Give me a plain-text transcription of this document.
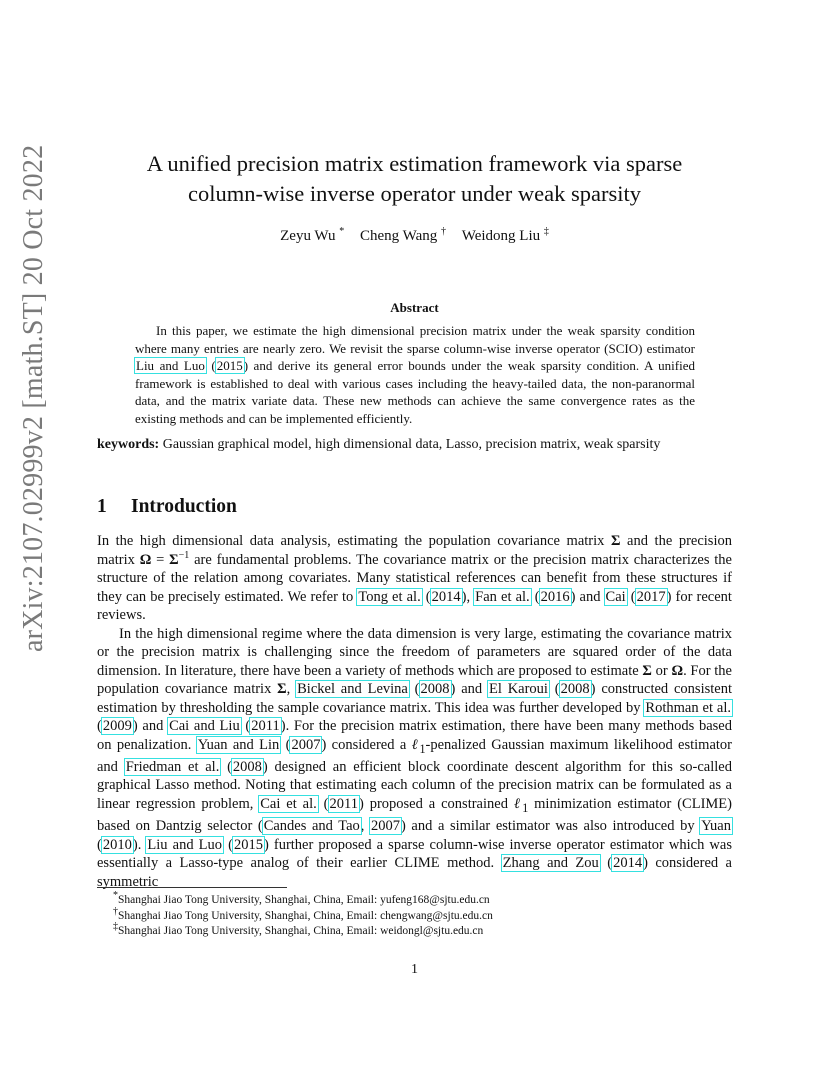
arXiv:2107.02999v2 [math.ST] 20 Oct 2022	A unified precision matrix estimation framework via sparse
column-wise inverse operator under weak sparsity
Zeyu Wu * Cheng Wang † Weidong Liu ‡
Abstract
In this paper, we estimate the high dimensional precision matrix under the weak sparsity condition where many entries are nearly zero. We revisit the sparse column-wise inverse operator (SCIO) estimator Liu and Luo (2015) and derive its general error bounds under the weak sparsity condition. A unified framework is established to deal with various cases including the heavy-tailed data, the non-paranormal data, and the matrix variate data. These new methods can achieve the same convergence rates as the existing methods and can be implemented efficiently.
keywords: Gaussian graphical model, high dimensional data, Lasso, precision matrix, weak sparsity
1 Introduction

In the high dimensional data analysis, estimating the population covariance matrix Σ and the precision matrix $\Omega = \Sigma^{-1}$ are fundamental problems. The covariance matrix or the precision matrix characterizes the structure of the relation among covariates. Many statistical references can benefit from these structures if they can be precisely estimated. We refer to Tong et al. (2014), Fan et al. (2016) and Cai (2017) for recent reviews.

In the high dimensional regime where the data dimension is very large, estimating the covariance matrix or the precision matrix is challenging since the freedom of parameters are squared order of the data dimension. In literature, there have been a variety of methods which are proposed to estimate Σ or Ω. For the population covariance matrix Σ, Bickel and Levina (2008) and El Karoui (2008) constructed consistent estimation by thresholding the sample covariance matrix. This idea was further developed by Rothman et al. (2009) and Cai and Liu (2011). For the precision matrix estimation, there have been many methods based on penalization. Yuan and Lin (2007) considered a ℓ$_1$-penalized Gaussian maximum likelihood estimator and Friedman et al. (2008) designed an efficient block coordinate descent algorithm for this so-called graphical Lasso method. Noting that estimating each column of the precision matrix can be formulated as a linear regression problem, Cai et al. (2011) proposed a constrained ℓ$_1$ minimization estimator (CLIME) based on Dantzig selector (Candes and Tao, 2007) and a similar estimator was also introduced by Yuan (2010). Liu and Luo (2015) further proposed a sparse column-wise inverse operator estimator which was essentially a Lasso-type analog of their earlier CLIME method. Zhang and Zou (2014) considered a symmetric

*Shanghai Jiao Tong University, Shanghai, China, Email: yufeng168@sjtu.edu.cn
†Shanghai Jiao Tong University, Shanghai, China, Email: chengwang@sjtu.edu.cn
‡Shanghai Jiao Tong University, Shanghai, China, Email: weidongl@sjtu.edu.cn
1
